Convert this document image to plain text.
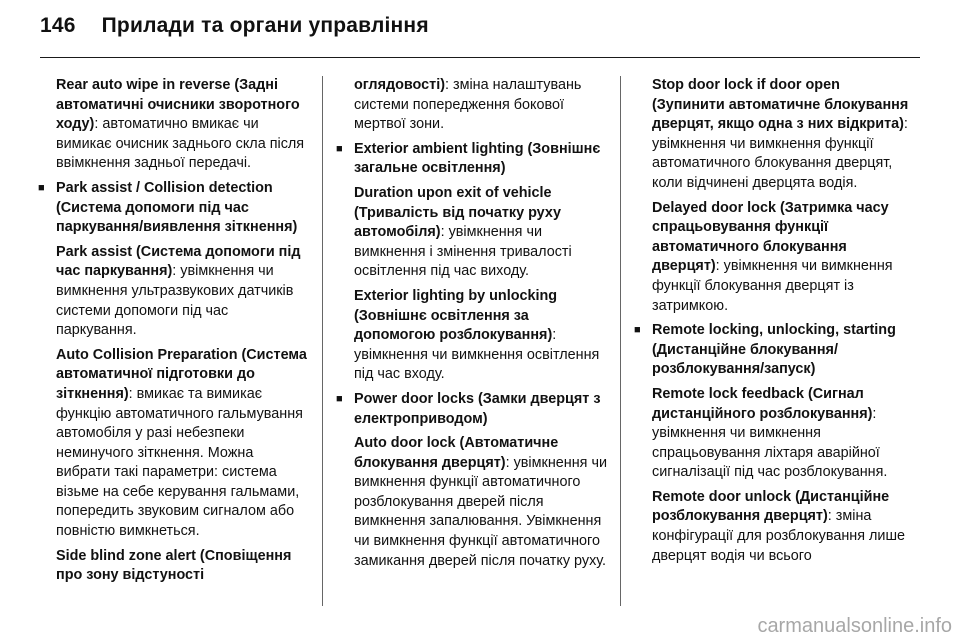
146 Прилади та органи управління
Rear auto wipe in reverse (Задні автоматичні очисники зворотного ходу): автоматично вмикає чи вимикає очисник заднього скла після ввімкнення задньої передачі.
■ Park assist / Collision detection (Система допомоги під час паркування/виявлення зіткнення)
Park assist (Система допомоги під час паркування): увімкнення чи вимкнення ультразвукових датчиків системи допомоги під час паркування.
Auto Collision Preparation (Система автоматичної підготовки до зіткнення): вмикає та вимикає функцію автоматичного гальмування автомобіля у разі небезпеки неминучого зіткнення. Можна вибрати такі параметри: система візьме на себе керування гальмами, попередить звуковим сигналом або повністю вимкнеться.
Side blind zone alert (Сповіщення про зону відстуності
оглядовості): зміна налаштувань системи попередження бокової мертвої зони.
■ Exterior ambient lighting (Зовнішнє загальне освітлення)
Duration upon exit of vehicle (Тривалість від початку руху автомобіля): увімкнення чи вимкнення і змінення тривалості освітлення під час виходу.
Exterior lighting by unlocking (Зовнішнє освітлення за допомогою розблокування): увімкнення чи вимкнення освітлення під час входу.
■ Power door locks (Замки дверцят з електроприводом)
Auto door lock (Автоматичне блокування дверцят): увімкнення чи вимкнення функції автоматичного розблокування дверей після вимкнення запалювання. Увімкнення чи вимкнення функції автоматичного замикання дверей після початку руху.
Stop door lock if door open (Зупинити автоматичне блокування дверцят, якщо одна з них відкрита): увімкнення чи вимкнення функції автоматичного блокування дверцят, коли відчинені дверцята водія.
Delayed door lock (Затримка часу спрацьовування функції автоматичного блокування дверцят): увімкнення чи вимкнення функції блокування дверцят із затримкою.
■ Remote locking, unlocking, starting (Дистанційне блокування/розблокування/запуск)
Remote lock feedback (Сигнал дистанційного розблокування): увімкнення чи вимкнення спрацьовування ліхтаря аварійної сигналізації під час розблокування.
Remote door unlock (Дистанційне розблокування дверцят): зміна конфігурації для розблокування лише дверцят водія чи всього
carmanualsonline.info
